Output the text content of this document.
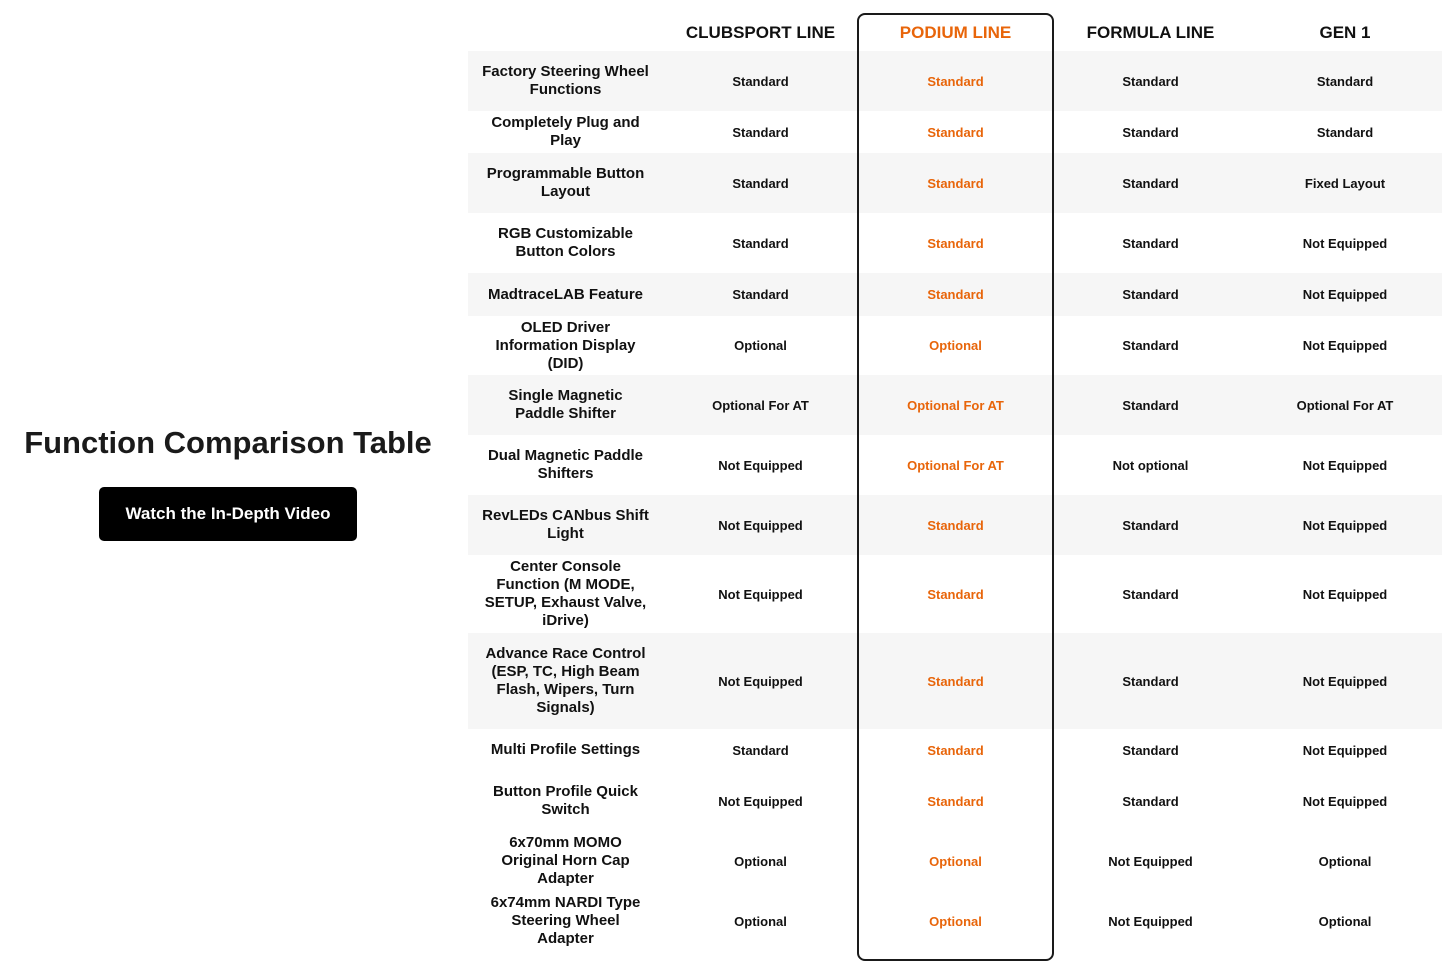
Function Comparison Table
Watch the In-Depth Video
	CLUBSPORT LINE	PODIUM LINE	FORMULA LINE	GEN 1
Factory Steering Wheel Functions	Standard	Standard	Standard	Standard
Completely Plug and Play	Standard	Standard	Standard	Standard
Programmable Button Layout	Standard	Standard	Standard	Fixed Layout
RGB Customizable Button Colors	Standard	Standard	Standard	Not Equipped
MadtraceLAB Feature	Standard	Standard	Standard	Not Equipped
OLED Driver Information Display (DID)	Optional	Optional	Standard	Not Equipped
Single Magnetic Paddle Shifter	Optional For AT	Optional For AT	Standard	Optional For AT
Dual Magnetic Paddle Shifters	Not Equipped	Optional For AT	Not optional	Not Equipped
RevLEDs CANbus Shift Light	Not Equipped	Standard	Standard	Not Equipped
Center Console Function (M MODE, SETUP, Exhaust Valve, iDrive)	Not Equipped	Standard	Standard	Not Equipped
Advance Race Control (ESP, TC, High Beam Flash, Wipers, Turn Signals)	Not Equipped	Standard	Standard	Not Equipped
Multi Profile Settings	Standard	Standard	Standard	Not Equipped
Button Profile Quick Switch	Not Equipped	Standard	Standard	Not Equipped
6x70mm MOMO Original Horn Cap Adapter	Optional	Optional	Not Equipped	Optional
6x74mm NARDI Type Steering Wheel Adapter	Optional	Optional	Not Equipped	Optional
